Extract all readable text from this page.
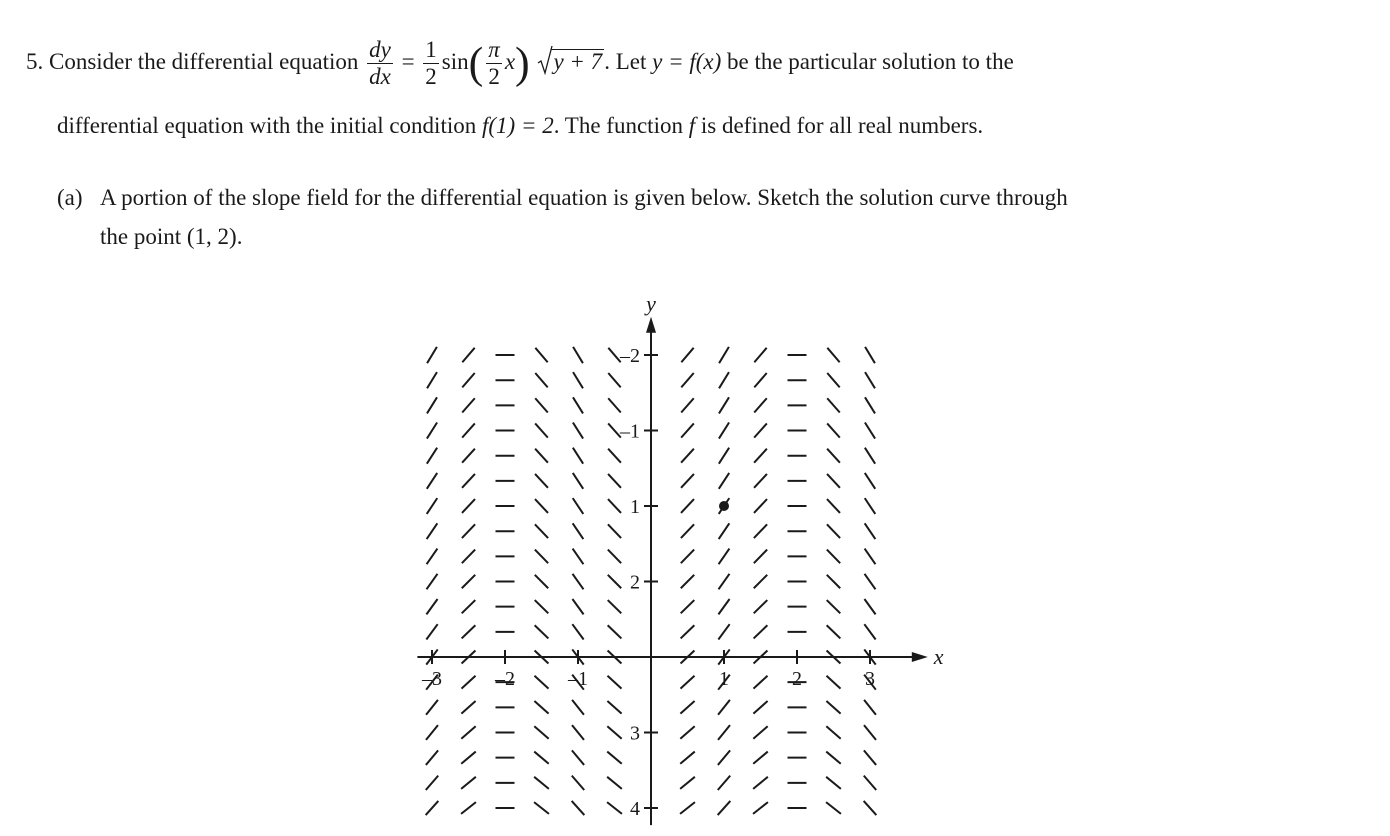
5. Consider the differential equation $\frac{dy}{dx} = \frac{1}{2} \sin( \frac{\pi}{2} x) y + 7$. Let y = f(x) be the particular solution to the
differential equation with the initial condition f(1) = 2. The function f is defined for all real numbers.
(a) A portion of the slope field for the differential equation is given below. Sketch the solution curve through
the point (1, 2).
x
y
–3	–2	–1	1	2	3
4
3
2
1
–1
–2
